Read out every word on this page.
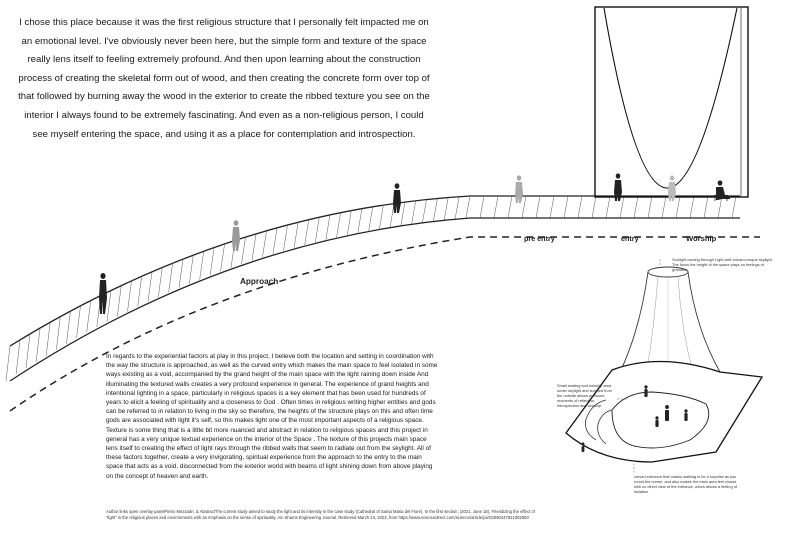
I chose this place because it was the first religious structure that I personally felt impacted me on an emotional level. I've obviously never been here, but the simple form and texture of the space really lens itself to feeling extremely profound. And then upon learning about the construction process of creating the skeletal form out of wood, and then creating the concrete form over top of that followed by burning away the wood in the exterior to create the ribbed texture you see on the interior I always found to be extremely fascinating. And even as a non-religious person, I could see myself entering the space, and using it as a place for contemplation and introspection.
Approach
pre entry	entry	Worship
In regards to the experiential factors at play in this project, I believe both the location and setting in coordination with the way the structure is approached, as well as the curved entry which makes the main space to feel isolated in some ways existing as a void, accompanied by the grand height of the main space with the light raining down inside And illuminating the textured walls creates a very profound experience in general. The experience of grand heights and intentional lighting in a space, particularly in religious spaces is a key element that has been used for hundreds of years to elicit a feeling of spirituality and a closeness to God . Often times in religious writing higher entities and gods can be referred to in relation to living in the sky so therefore, the heights of the structure plays on this and often time gods are associated with light it's self, so this makes light one of the most important aspects of a religious space. Texture is some thing that is a little bit more nuanced and abstract in relation to religious spaces and this project in general has a very unique textual experience on the interior of the Space . The texture of this projects main space lens itself to creating the effect of light rays through the ribbed walls that seem to radiate out from the skylight. All of these factors together, create a very invigorating, spiritual experience from the approach to the entry to the main space that acts as a void, disconnected from the exterior world with beams of light shining down from above playing on the concept of heaven and earth.
Author links open overlay panelPietro Mezzadri, & AbstractThe current study aimed to study the light and its intensity in the case study (Cathedral of Santa Maria del Fiore). In the first section, (2021, June 18). Friendizing the effect of "light" in the religious places and environments with an emphasis on the sense of spirituality. Ain Shams Engineering Journal. Retrieved March 24, 2023, from https://www.sciencedirect.com/science/article/pii/S2090447921002550
Sunlight coming through Light well volcano-esque skylight. The focus the height of the space plays on feelings of grandeur
Small seating and worship area under skylight and isolated from the outside allows profound moments of reflection, introspection and worship
curved entrance that makes walking in be a surprise as you round the corner, and also makes the main area feel closed with no direct view of the entrance, which allows a feeling of isolation
